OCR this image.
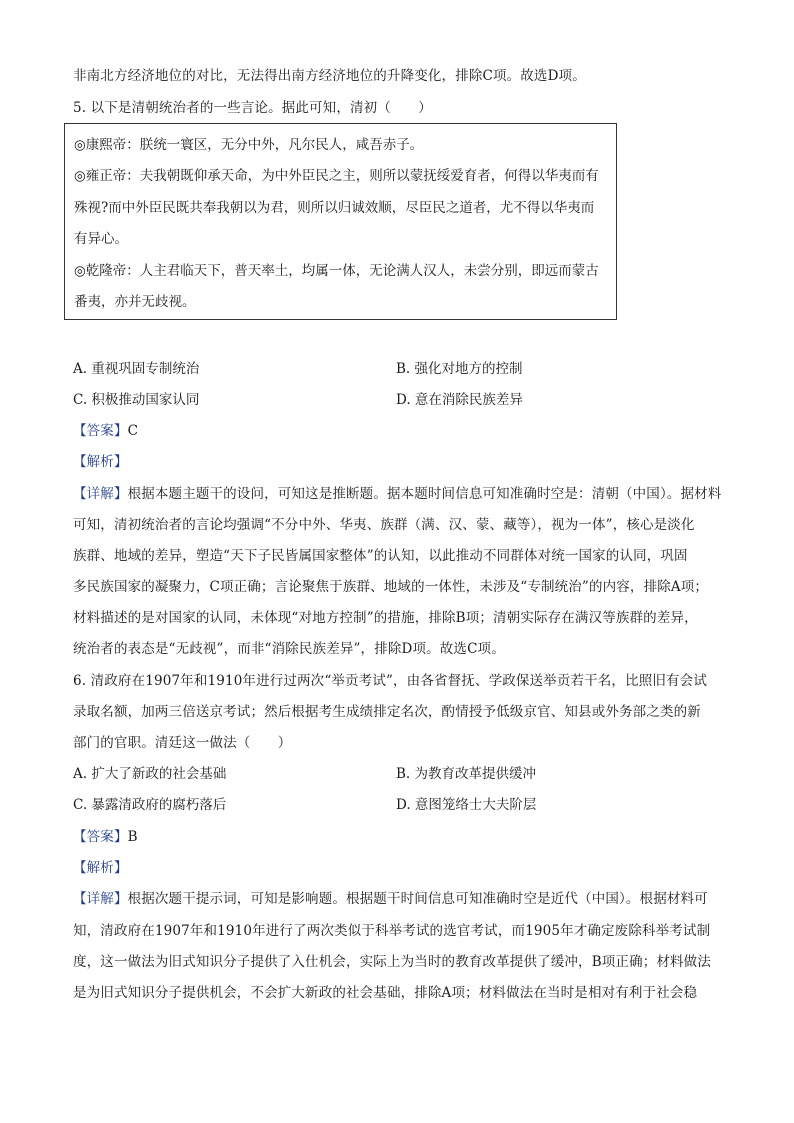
非南北方经济地位的对比，无法得出南方经济地位的升降变化，排除C项。故选D项。
5. 以下是清朝统治者的一些言论。据此可知，清初（　　）
◎康熙帝：朕统一寰区，无分中外，凡尔民人，咸吾赤子。
◎雍正帝：夫我朝既仰承天命，为中外臣民之主，则所以蒙抚绥爱育者，何得以华夷而有
殊视?而中外臣民既共奉我朝以为君，则所以归诚效顺，尽臣民之道者，尤不得以华夷而
有异心。
◎乾隆帝：人主君临天下，普天率土，均属一体，无论满人汉人，未尝分别，即远而蒙古
番夷，亦并无歧视。
A. 重视巩固专制统治	B. 强化对地方的控制
C. 积极推动国家认同	D. 意在消除民族差异
【答案】C
【解析】
【详解】根据本题主题干的设问，可知这是推断题。据本题时间信息可知准确时空是：清朝（中国）。据材料
可知，清初统治者的言论均强调“不分中外、华夷、族群（满、汉、蒙、藏等），视为一体”，核心是淡化
族群、地域的差异，塑造“天下子民皆属国家整体”的认知，以此推动不同群体对统一国家的认同，巩固
多民族国家的凝聚力，C项正确；言论聚焦于族群、地域的一体性，未涉及“专制统治”的内容，排除A项；
材料描述的是对国家的认同，未体现“对地方控制”的措施，排除B项；清朝实际存在满汉等族群的差异，
统治者的表态是“无歧视”，而非“消除民族差异”，排除D项。故选C项。
6. 清政府在1907年和1910年进行过两次“举贡考试”，由各省督抚、学政保送举贡若干名，比照旧有会试
录取名额，加两三倍送京考试；然后根据考生成绩排定名次，酌情授予低级京官、知县或外务部之类的新
部门的官职。清廷这一做法（　　）
A. 扩大了新政的社会基础	B. 为教育改革提供缓冲
C. 暴露清政府的腐朽落后	D. 意图笼络士大夫阶层
【答案】B
【解析】
【详解】根据次题干提示词，可知是影响题。根据题干时间信息可知准确时空是近代（中国）。根据材料可
知，清政府在1907年和1910年进行了两次类似于科举考试的选官考试，而1905年才确定废除科举考试制
度，这一做法为旧式知识分子提供了入仕机会，实际上为当时的教育改革提供了缓冲，B项正确；材料做法
是为旧式知识分子提供机会，不会扩大新政的社会基础，排除A项；材料做法在当时是相对有利于社会稳
